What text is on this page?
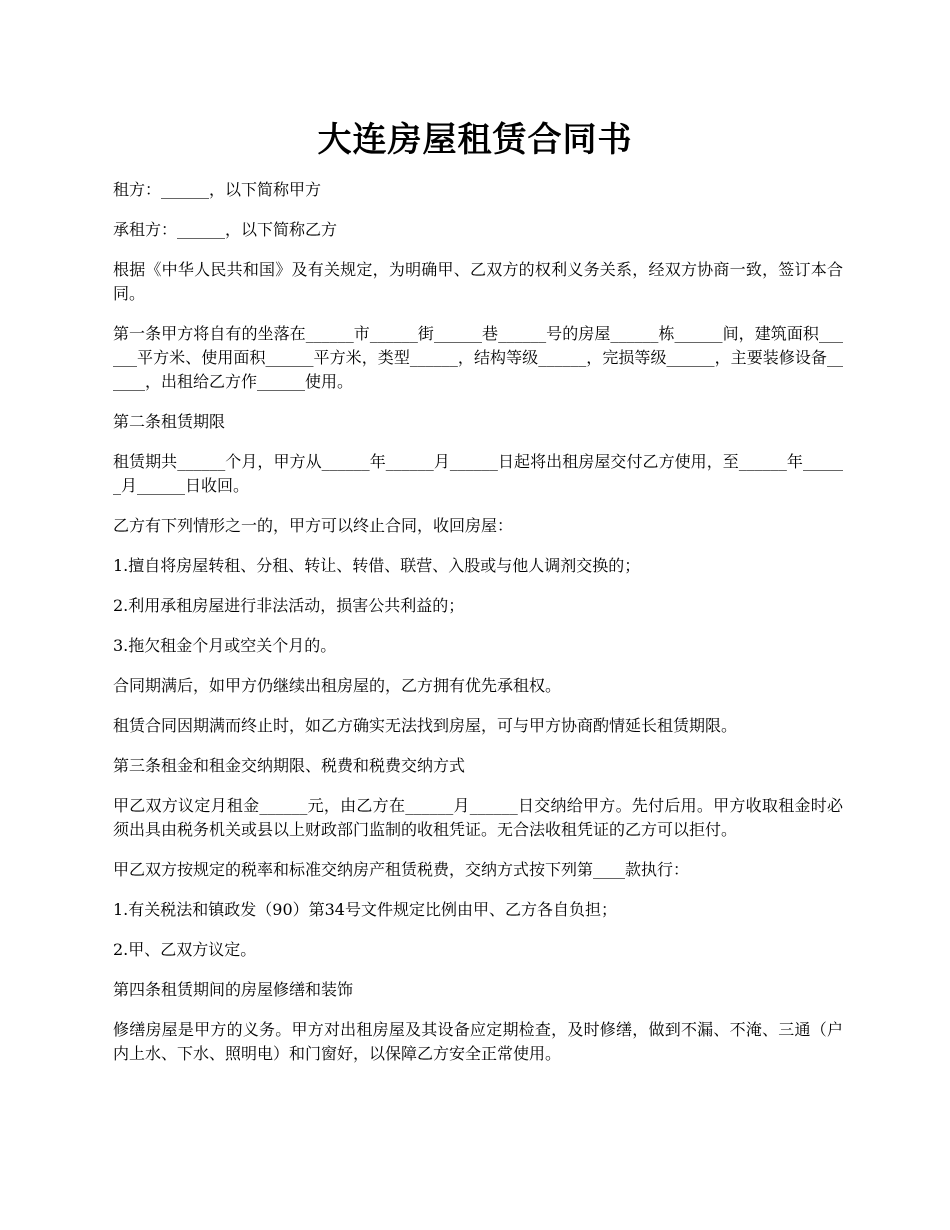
大连房屋租赁合同书

租方：______，以下简称甲方

承租方：______，以下简称乙方

根据《中华人民共和国》及有关规定，为明确甲、乙双方的权利义务关系，经双方协商一致，签订本合同。

第一条甲方将自有的坐落在______市______街______巷______号的房屋______栋______间，建筑面积______平方米、使用面积______平方米，类型______，结构等级______，完损等级______，主要装修设备______，出租给乙方作______使用。

第二条租赁期限

租赁期共______个月，甲方从______年______月______日起将出租房屋交付乙方使用，至______年______月______日收回。

乙方有下列情形之一的，甲方可以终止合同，收回房屋：

1.擅自将房屋转租、分租、转让、转借、联营、入股或与他人调剂交换的；

2.利用承租房屋进行非法活动，损害公共利益的；

3.拖欠租金个月或空关个月的。

合同期满后，如甲方仍继续出租房屋的，乙方拥有优先承租权。

租赁合同因期满而终止时，如乙方确实无法找到房屋，可与甲方协商酌情延长租赁期限。

第三条租金和租金交纳期限、税费和税费交纳方式

甲乙双方议定月租金______元，由乙方在______月______日交纳给甲方。先付后用。甲方收取租金时必须出具由税务机关或县以上财政部门监制的收租凭证。无合法收租凭证的乙方可以拒付。

甲乙双方按规定的税率和标准交纳房产租赁税费，交纳方式按下列第____款执行：

1.有关税法和镇政发（90）第34号文件规定比例由甲、乙方各自负担；

2.甲、乙双方议定。

第四条租赁期间的房屋修缮和装饰

修缮房屋是甲方的义务。甲方对出租房屋及其设备应定期检查，及时修缮，做到不漏、不淹、三通（户内上水、下水、照明电）和门窗好，以保障乙方安全正常使用。
